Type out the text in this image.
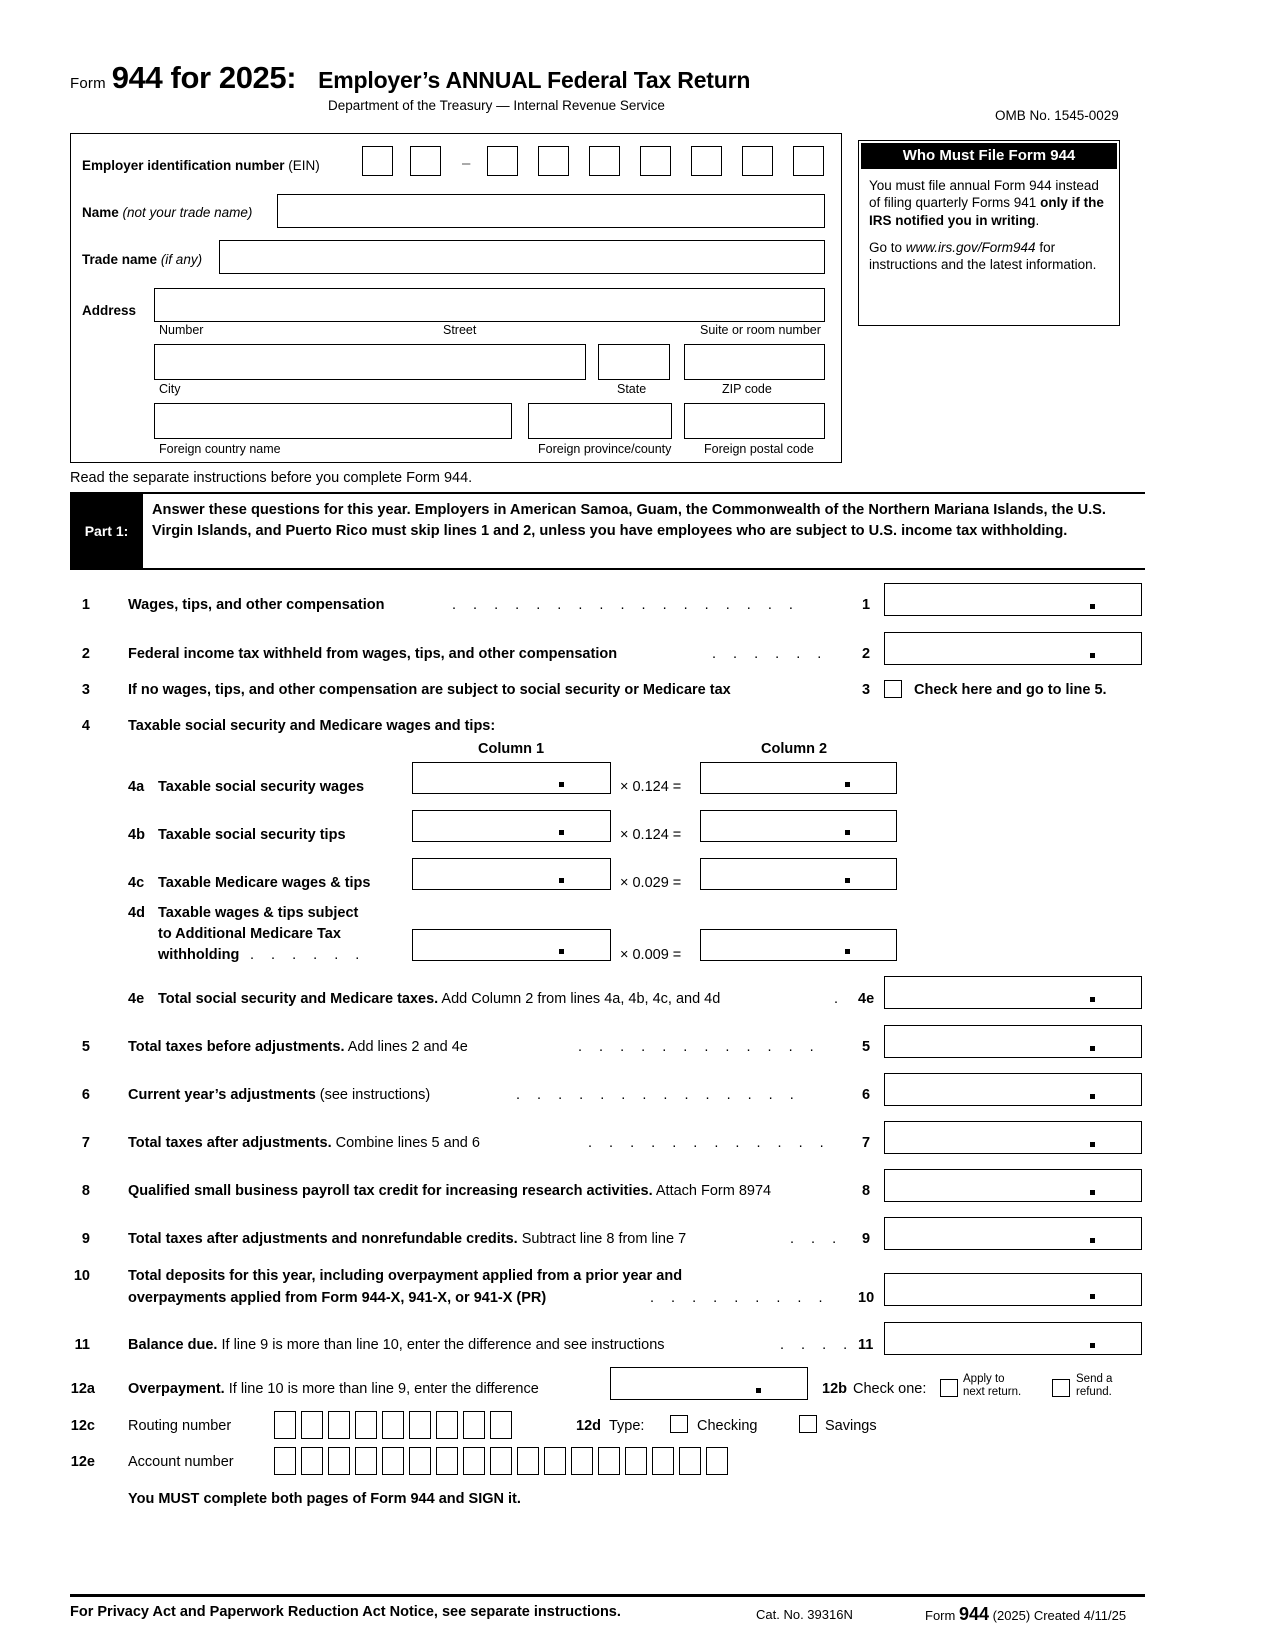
Form 944 for 2025: Employer’s ANNUAL Federal Tax Return
Department of the Treasury — Internal Revenue Service
OMB No. 1545-0029
Employer identification number (EIN)	–
Name (not your trade name)
Trade name (if any)
Address
Number	Street	Suite or room number
City	State	ZIP code
Foreign country name	Foreign province/county	Foreign postal code
Who Must File Form 944

You must file annual Form 944 instead of filing quarterly Forms 941 only if the IRS notified you in writing.

Go to www.irs.gov/Form944 for instructions and the latest information.

Read the separate instructions before you complete Form 944.
Part 1:
Answer these questions for this year. Employers in American Samoa, Guam, the Commonwealth of the Northern Mariana Islands, the U.S. Virgin Islands, and Puerto Rico must skip lines 1 and 2, unless you have employees who are subject to U.S. income tax withholding.
1	Wages, tips, and other compensation	. . . . . . . . . . . . . . . . .	1
2	Federal income tax withheld from wages, tips, and other compensation	. . . . . . 2
3	If no wages, tips, and other compensation are subject to social security or Medicare tax	3	Check here and go to line 5.
4	Taxable social security and Medicare wages and tips:
Column 1	Column 2
4a Taxable social security wages	× 0.124 =
4b Taxable social security tips	× 0.124 =
4c Taxable Medicare wages & tips	× 0.029 =
4d Taxable wages & tips subject
to Additional Medicare Tax
withholding . . . . . .	× 0.009 =
4e Total social security and Medicare taxes. Add Column 2 from lines 4a, 4b, 4c, and 4d	. 4e
5	Total taxes before adjustments. Add lines 2 and 4e	. . . . . . . . . . . .	5
6	Current year’s adjustments (see instructions)	. . . . . . . . . . . . . .	6
7	Total taxes after adjustments. Combine lines 5 and 6	. . . . . . . . . . . . 7
8	Qualified small business payroll tax credit for increasing research activities. Attach Form 8974	8
9	Total taxes after adjustments and nonrefundable credits. Subtract line 8 from line 7	. . . 9
10	Total deposits for this year, including overpayment applied from a prior year and
overpayments applied from Form 944-X, 941-X, or 941-X (PR)	. . . . . . . . . 10
11	Balance due. If line 9 is more than line 10, enter the difference and see instructions	. . . . 11
12a Overpayment. If line 10 is more than line 9, enter the difference	12b Check one:
Apply to
next return.
Send a
refund.
12c Routing number	12d Type:	Checking	Savings
12e Account number
You MUST complete both pages of Form 944 and SIGN it.
For Privacy Act and Paperwork Reduction Act Notice, see separate instructions.	Cat. No. 39316N	Form 944 (2025) Created 4/11/25
